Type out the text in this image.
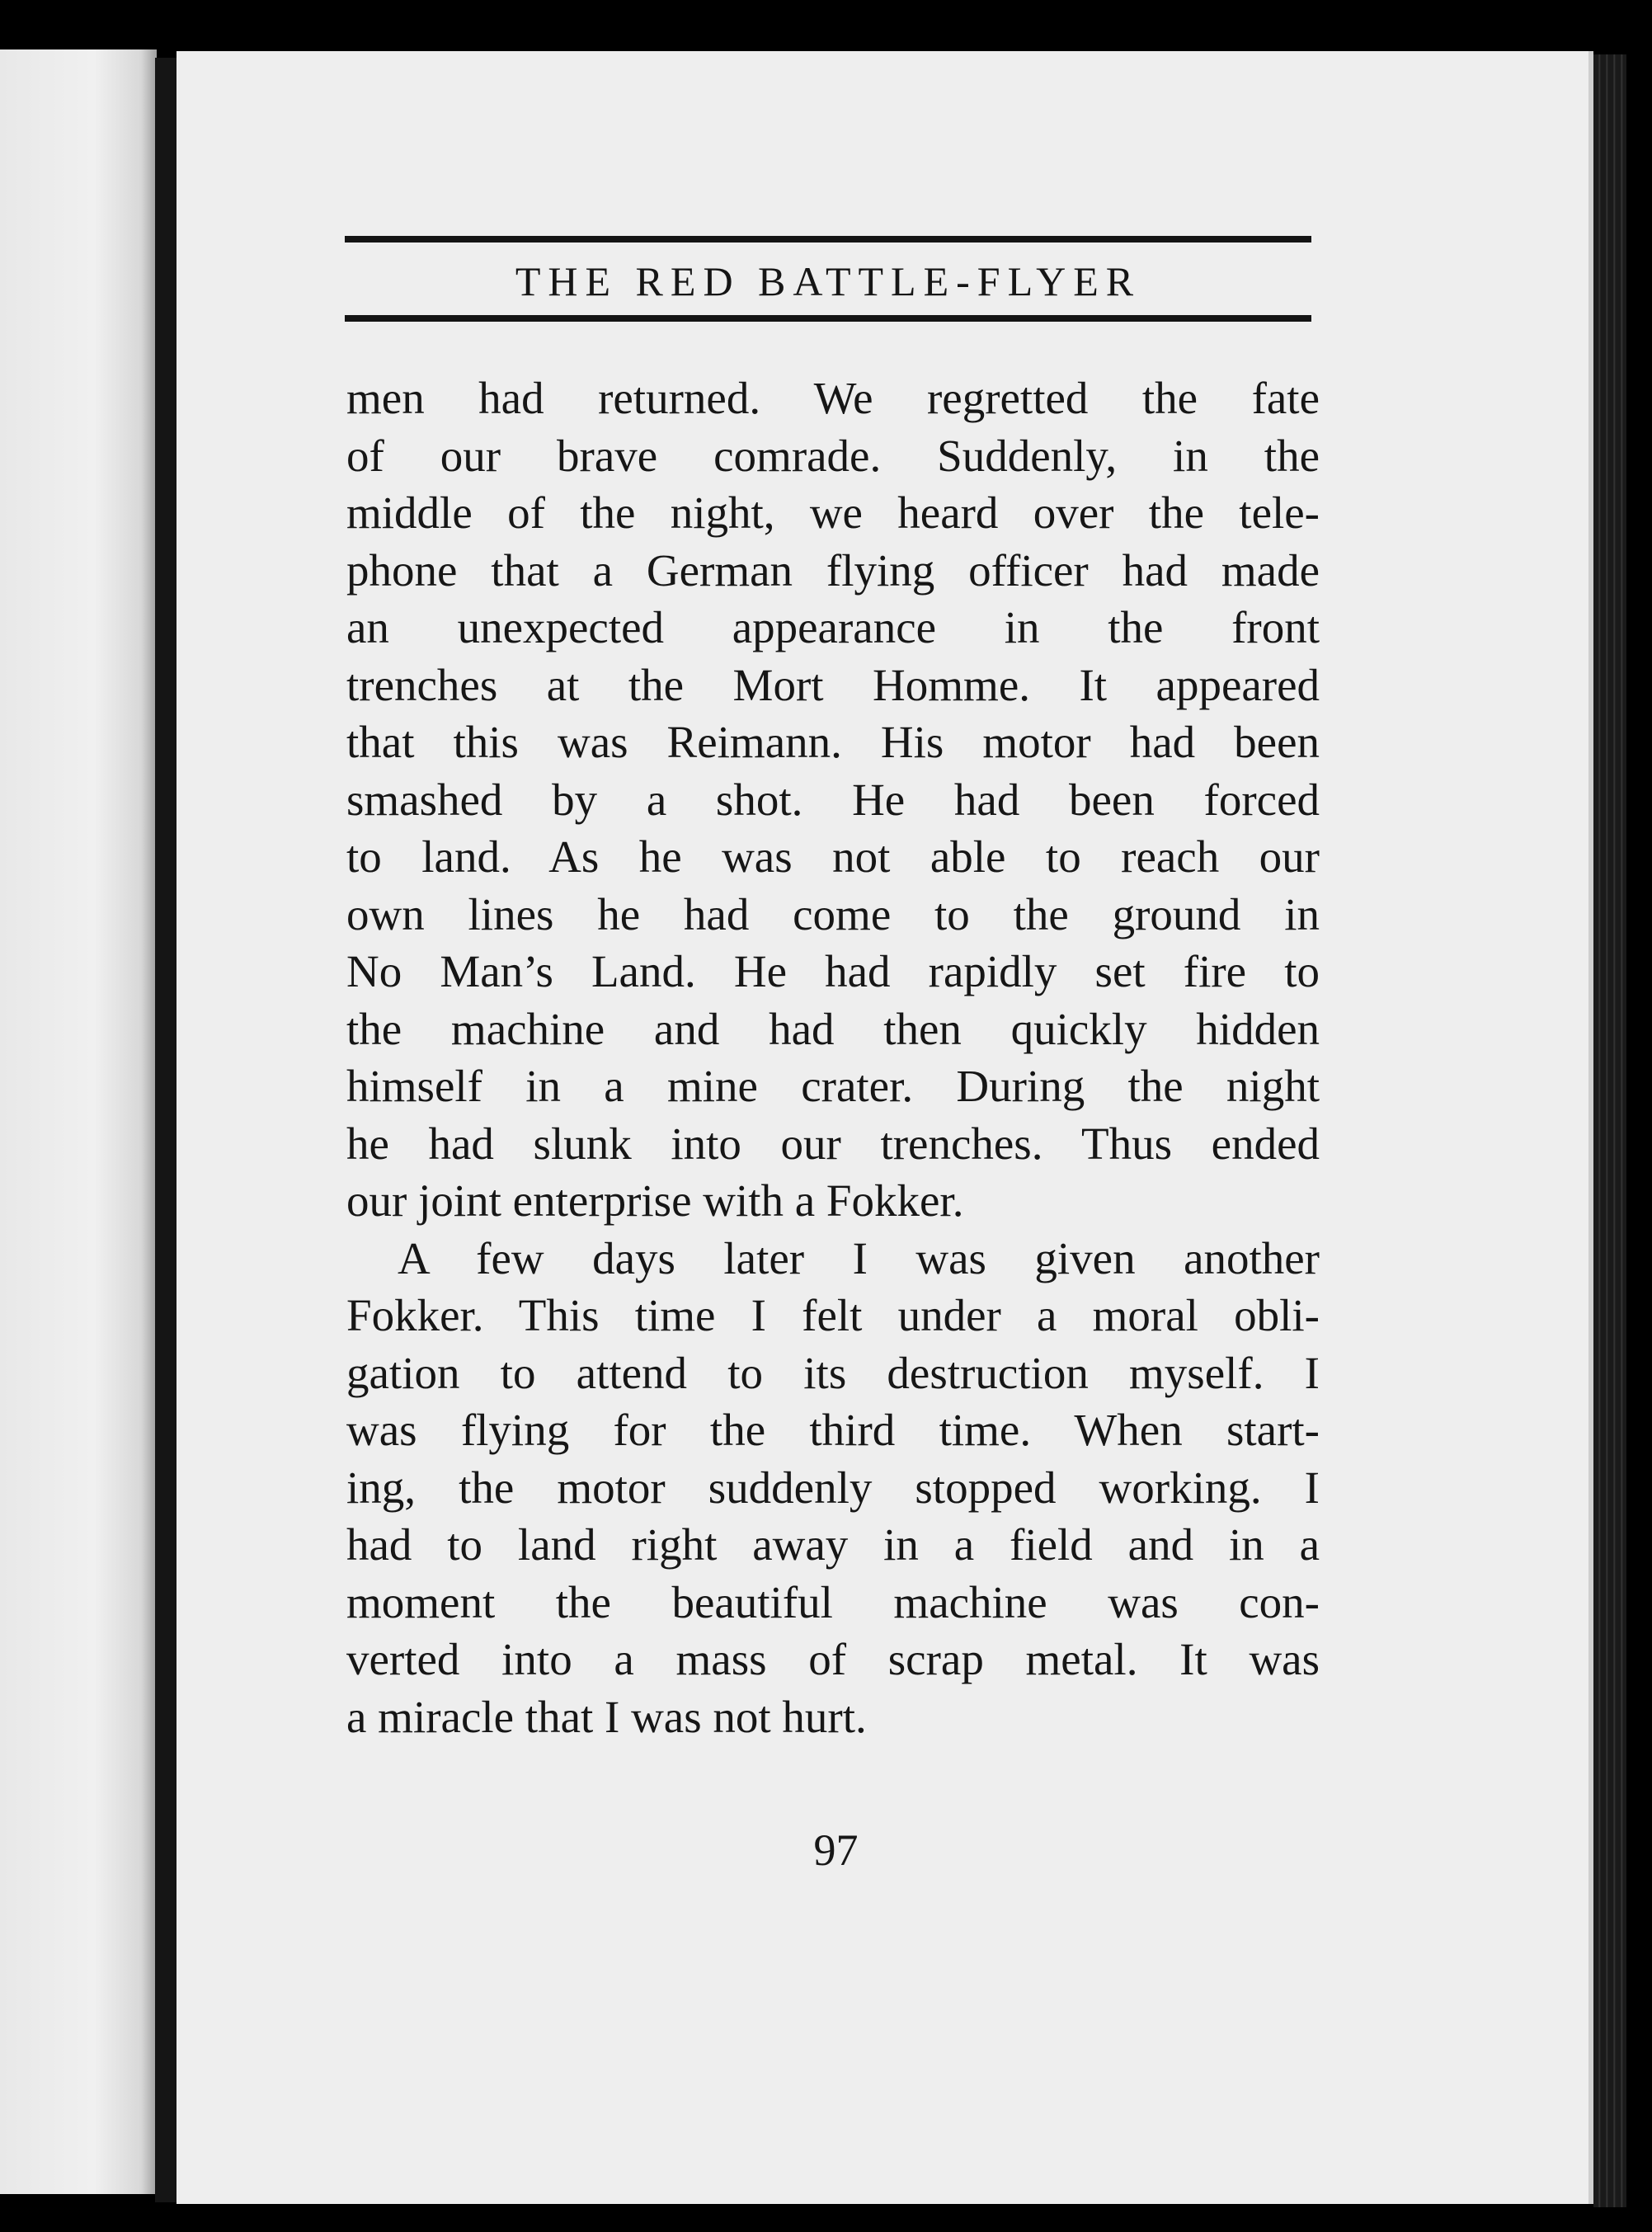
THE RED BATTLE-FLYER

men had returned. We regretted the fate
of our brave comrade. Suddenly, in the
middle of the night, we heard over the tele-
phone that a German flying officer had made
an unexpected appearance in the front
trenches at the Mort Homme. It appeared
that this was Reimann. His motor had been
smashed by a shot. He had been forced
to land. As he was not able to reach our
own lines he had come to the ground in
No Man’s Land. He had rapidly set fire to
the machine and had then quickly hidden
himself in a mine crater. During the night
he had slunk into our trenches. Thus ended
our joint enterprise with a Fokker.

A few days later I was given another
Fokker. This time I felt under a moral obli-
gation to attend to its destruction myself. I
was flying for the third time. When start-
ing, the motor suddenly stopped working. I
had to land right away in a field and in a
moment the beautiful machine was con-
verted into a mass of scrap metal. It was
a miracle that I was not hurt.

97
